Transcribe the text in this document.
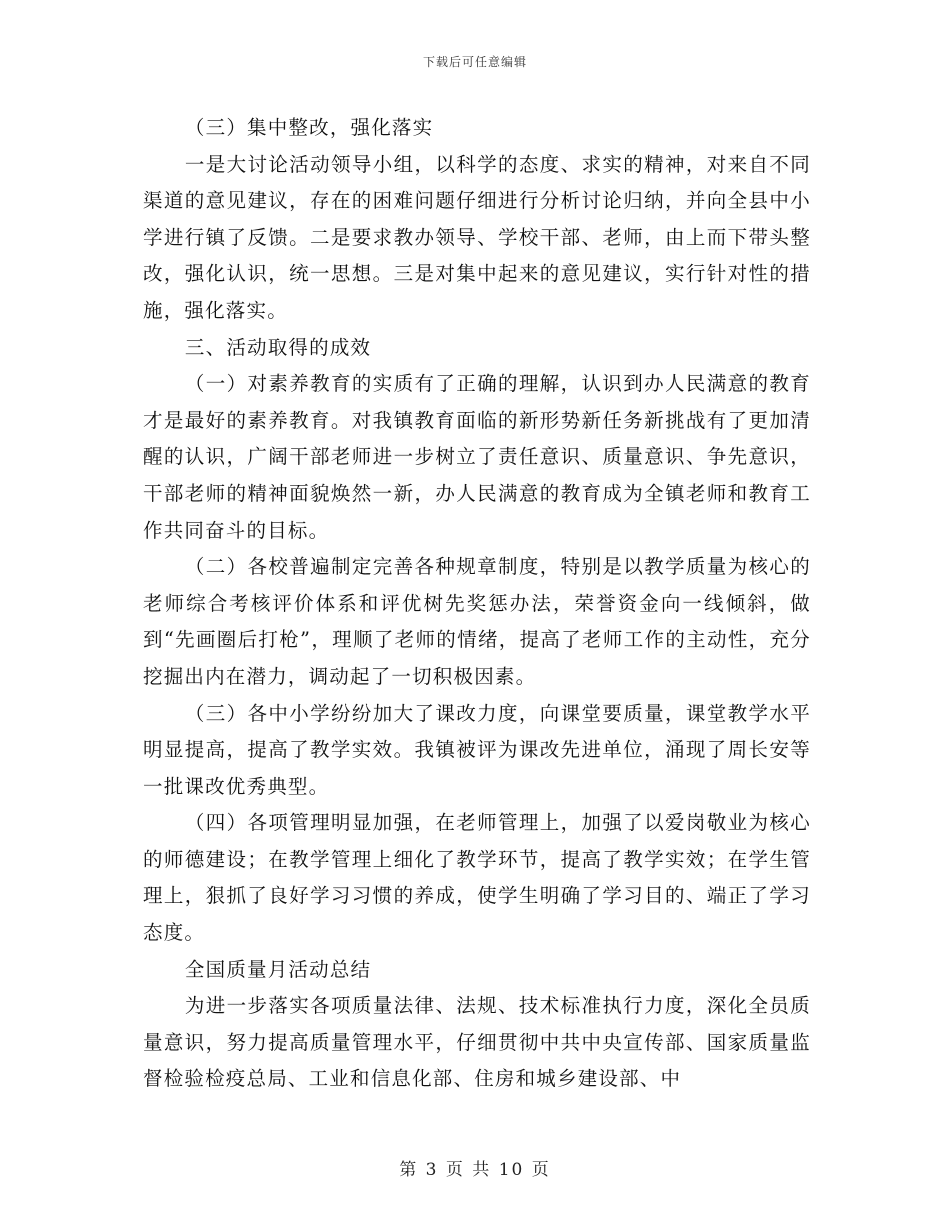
下载后可任意编辑

（三）集中整改，强化落实

一是大讨论活动领导小组，以科学的态度、求实的精神，对来自不同渠道的意见建议，存在的困难问题仔细进行分析讨论归纳，并向全县中小学进行镇了反馈。二是要求教办领导、学校干部、老师，由上而下带头整改，强化认识，统一思想。三是对集中起来的意见建议，实行针对性的措施，强化落实。

三、活动取得的成效

（一）对素养教育的实质有了正确的理解，认识到办人民满意的教育才是最好的素养教育。对我镇教育面临的新形势新任务新挑战有了更加清醒的认识，广阔干部老师进一步树立了责任意识、质量意识、争先意识，干部老师的精神面貌焕然一新，办人民满意的教育成为全镇老师和教育工作共同奋斗的目标。

（二）各校普遍制定完善各种规章制度，特别是以教学质量为核心的老师综合考核评价体系和评优树先奖惩办法，荣誉资金向一线倾斜，做到“先画圈后打枪”，理顺了老师的情绪，提高了老师工作的主动性，充分挖掘出内在潜力，调动起了一切积极因素。

（三）各中小学纷纷加大了课改力度，向课堂要质量，课堂教学水平明显提高，提高了教学实效。我镇被评为课改先进单位，涌现了周长安等一批课改优秀典型。

（四）各项管理明显加强，在老师管理上，加强了以爱岗敬业为核心的师德建设；在教学管理上细化了教学环节，提高了教学实效；在学生管理上，狠抓了良好学习习惯的养成，使学生明确了学习目的、端正了学习态度。

全国质量月活动总结

为进一步落实各项质量法律、法规、技术标准执行力度，深化全员质量意识，努力提高质量管理水平，仔细贯彻中共中央宣传部、国家质量监督检验检疫总局、工业和信息化部、住房和城乡建设部、中

第 3 页 共 10 页
